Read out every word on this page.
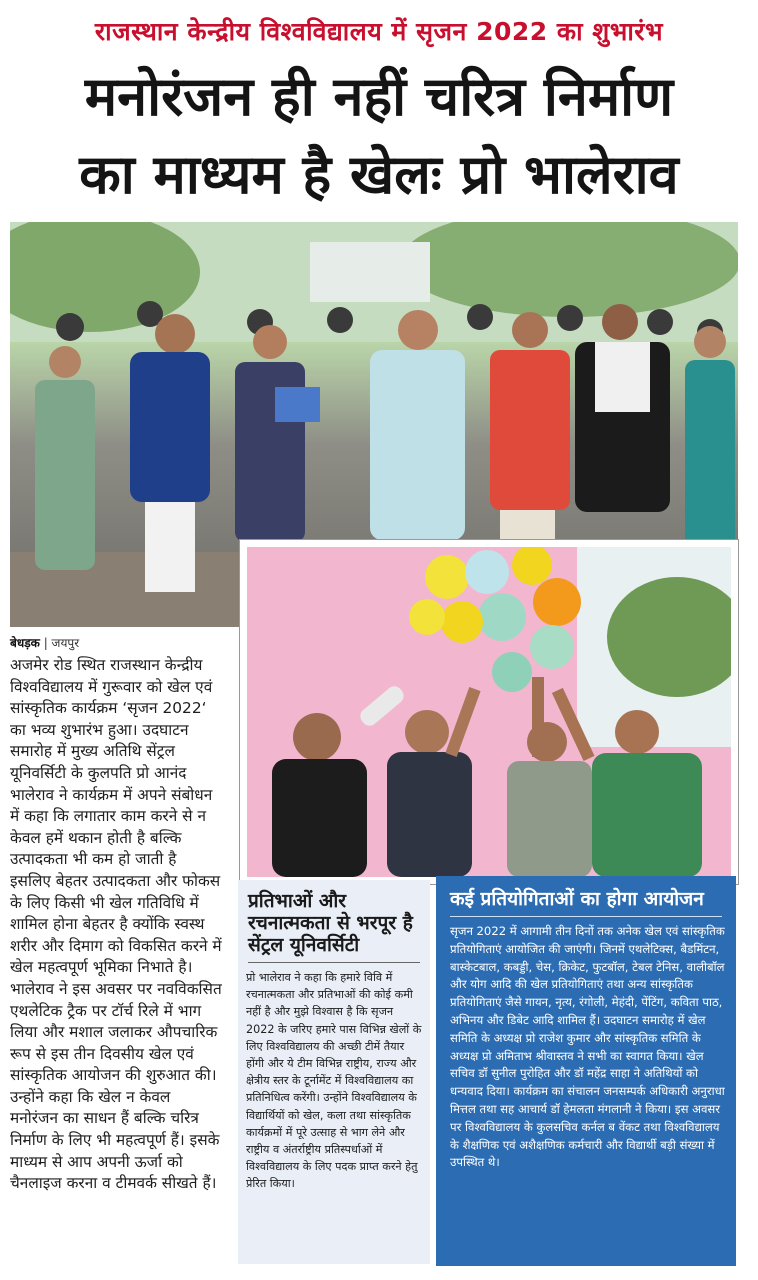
राजस्थान केन्द्रीय विश्वविद्यालय में सृजन 2022 का शुभारंभ
मनोरंजन ही नहीं चरित्र निर्माण
का माध्यम है खेलः प्रो भालेराव
बेधड़क | जयपुर
अजमेर रोड स्थित राजस्थान केन्द्रीय विश्वविद्यालय में गुरूवार को खेल एवं सांस्कृतिक कार्यक्रम ‘सृजन 2022‘ का भव्य शुभारंभ हुआ। उदघाटन समारोह में मुख्य अतिथि सेंट्रल यूनिवर्सिटी के कुलपति प्रो आनंद भालेराव ने कार्यक्रम में अपने संबोधन में कहा कि लगातार काम करने से न केवल हमें थकान होती है बल्कि उत्पादकता भी कम हो जाती है इसलिए बेहतर उत्पादकता और फोकस के लिए किसी भी खेल गतिविधि में शामिल होना बेहतर है क्योंकि स्वस्थ शरीर और दिमाग को विकसित करने में खेल महत्वपूर्ण भूमिका निभाते है। भालेराव ने इस अवसर पर नवविकसित एथलेटिक ट्रैक पर टॉर्च रिले में भाग लिया और मशाल जलाकर औपचारिक रूप से इस तीन दिवसीय खेल एवं सांस्कृतिक आयोजन की शुरुआत की। उन्होंने कहा कि खेल न केवल मनोरंजन का साधन हैं बल्कि चरित्र निर्माण के लिए भी महत्वपूर्ण हैं। इसके माध्यम से आप अपनी ऊर्जा को चैनलाइज करना व टीमवर्क सीखते हैं।
प्रतिभाओं और रचनात्मकता से भरपूर है सेंट्रल यूनिवर्सिटी
प्रो भालेराव ने कहा कि हमारे विवि में रचनात्मकता और प्रतिभाओं की कोई कमी नहीं है और मुझे विश्वास है कि सृजन 2022 के जरिए हमारे पास विभिन्न खेलों के लिए विश्वविद्यालय की अच्छी टीमें तैयार होंगी और ये टीम विभिन्न राष्ट्रीय, राज्य और क्षेत्रीय स्तर के टूर्नामेंट में विश्वविद्यालय का प्रतिनिधित्व करेंगी। उन्होंने विश्वविद्यालय के विद्यार्थियों को खेल, कला तथा सांस्कृतिक कार्यक्रमों में पूरे उत्साह से भाग लेने और राष्ट्रीय व अंतर्राष्ट्रीय प्रतिस्पर्धाओं में विश्वविद्यालय के लिए पदक प्राप्त करने हेतु प्रेरित किया।
कई प्रतियोगिताओं का होगा आयोजन
सृजन 2022 में आगामी तीन दिनों तक अनेक खेल एवं सांस्कृतिक प्रतियोगिताएं आयोजित की जाएंगी। जिनमें एथलेटिक्स, बैडमिंटन, बास्केटबाल, कबड्डी, चेस, क्रिकेट, फुटबॉल, टेबल टेनिस, वालीबॉल और योग आदि की खेल प्रतियोगिताएं तथा अन्य सांस्कृतिक प्रतियोगिताएं जैसे गायन, नृत्य, रंगोली, मेहंदी, पेंटिंग, कविता पाठ, अभिनय और डिबेट आदि शामिल हैं। उदघाटन समारोह में खेल समिति के अध्यक्ष प्रो राजेश कुमार और सांस्कृतिक समिति के अध्यक्ष प्रो अमिताभ श्रीवास्तव ने सभी का स्वागत किया। खेल सचिव डॉ सुनील पुरोहित और डॉ महेंद्र साहा ने अतिथियों को धन्यवाद दिया। कार्यक्रम का संचालन जनसम्पर्क अधिकारी अनुराधा मित्तल तथा सह आचार्य डॉ हेमलता मंगलानी ने किया। इस अवसर पर विश्वविद्यालय के कुलसचिव कर्नल ब वेंकट तथा विश्वविद्यालय के शैक्षणिक एवं अशैक्षणिक कर्मचारी और विद्यार्थी बड़ी संख्या में उपस्थित थे।
